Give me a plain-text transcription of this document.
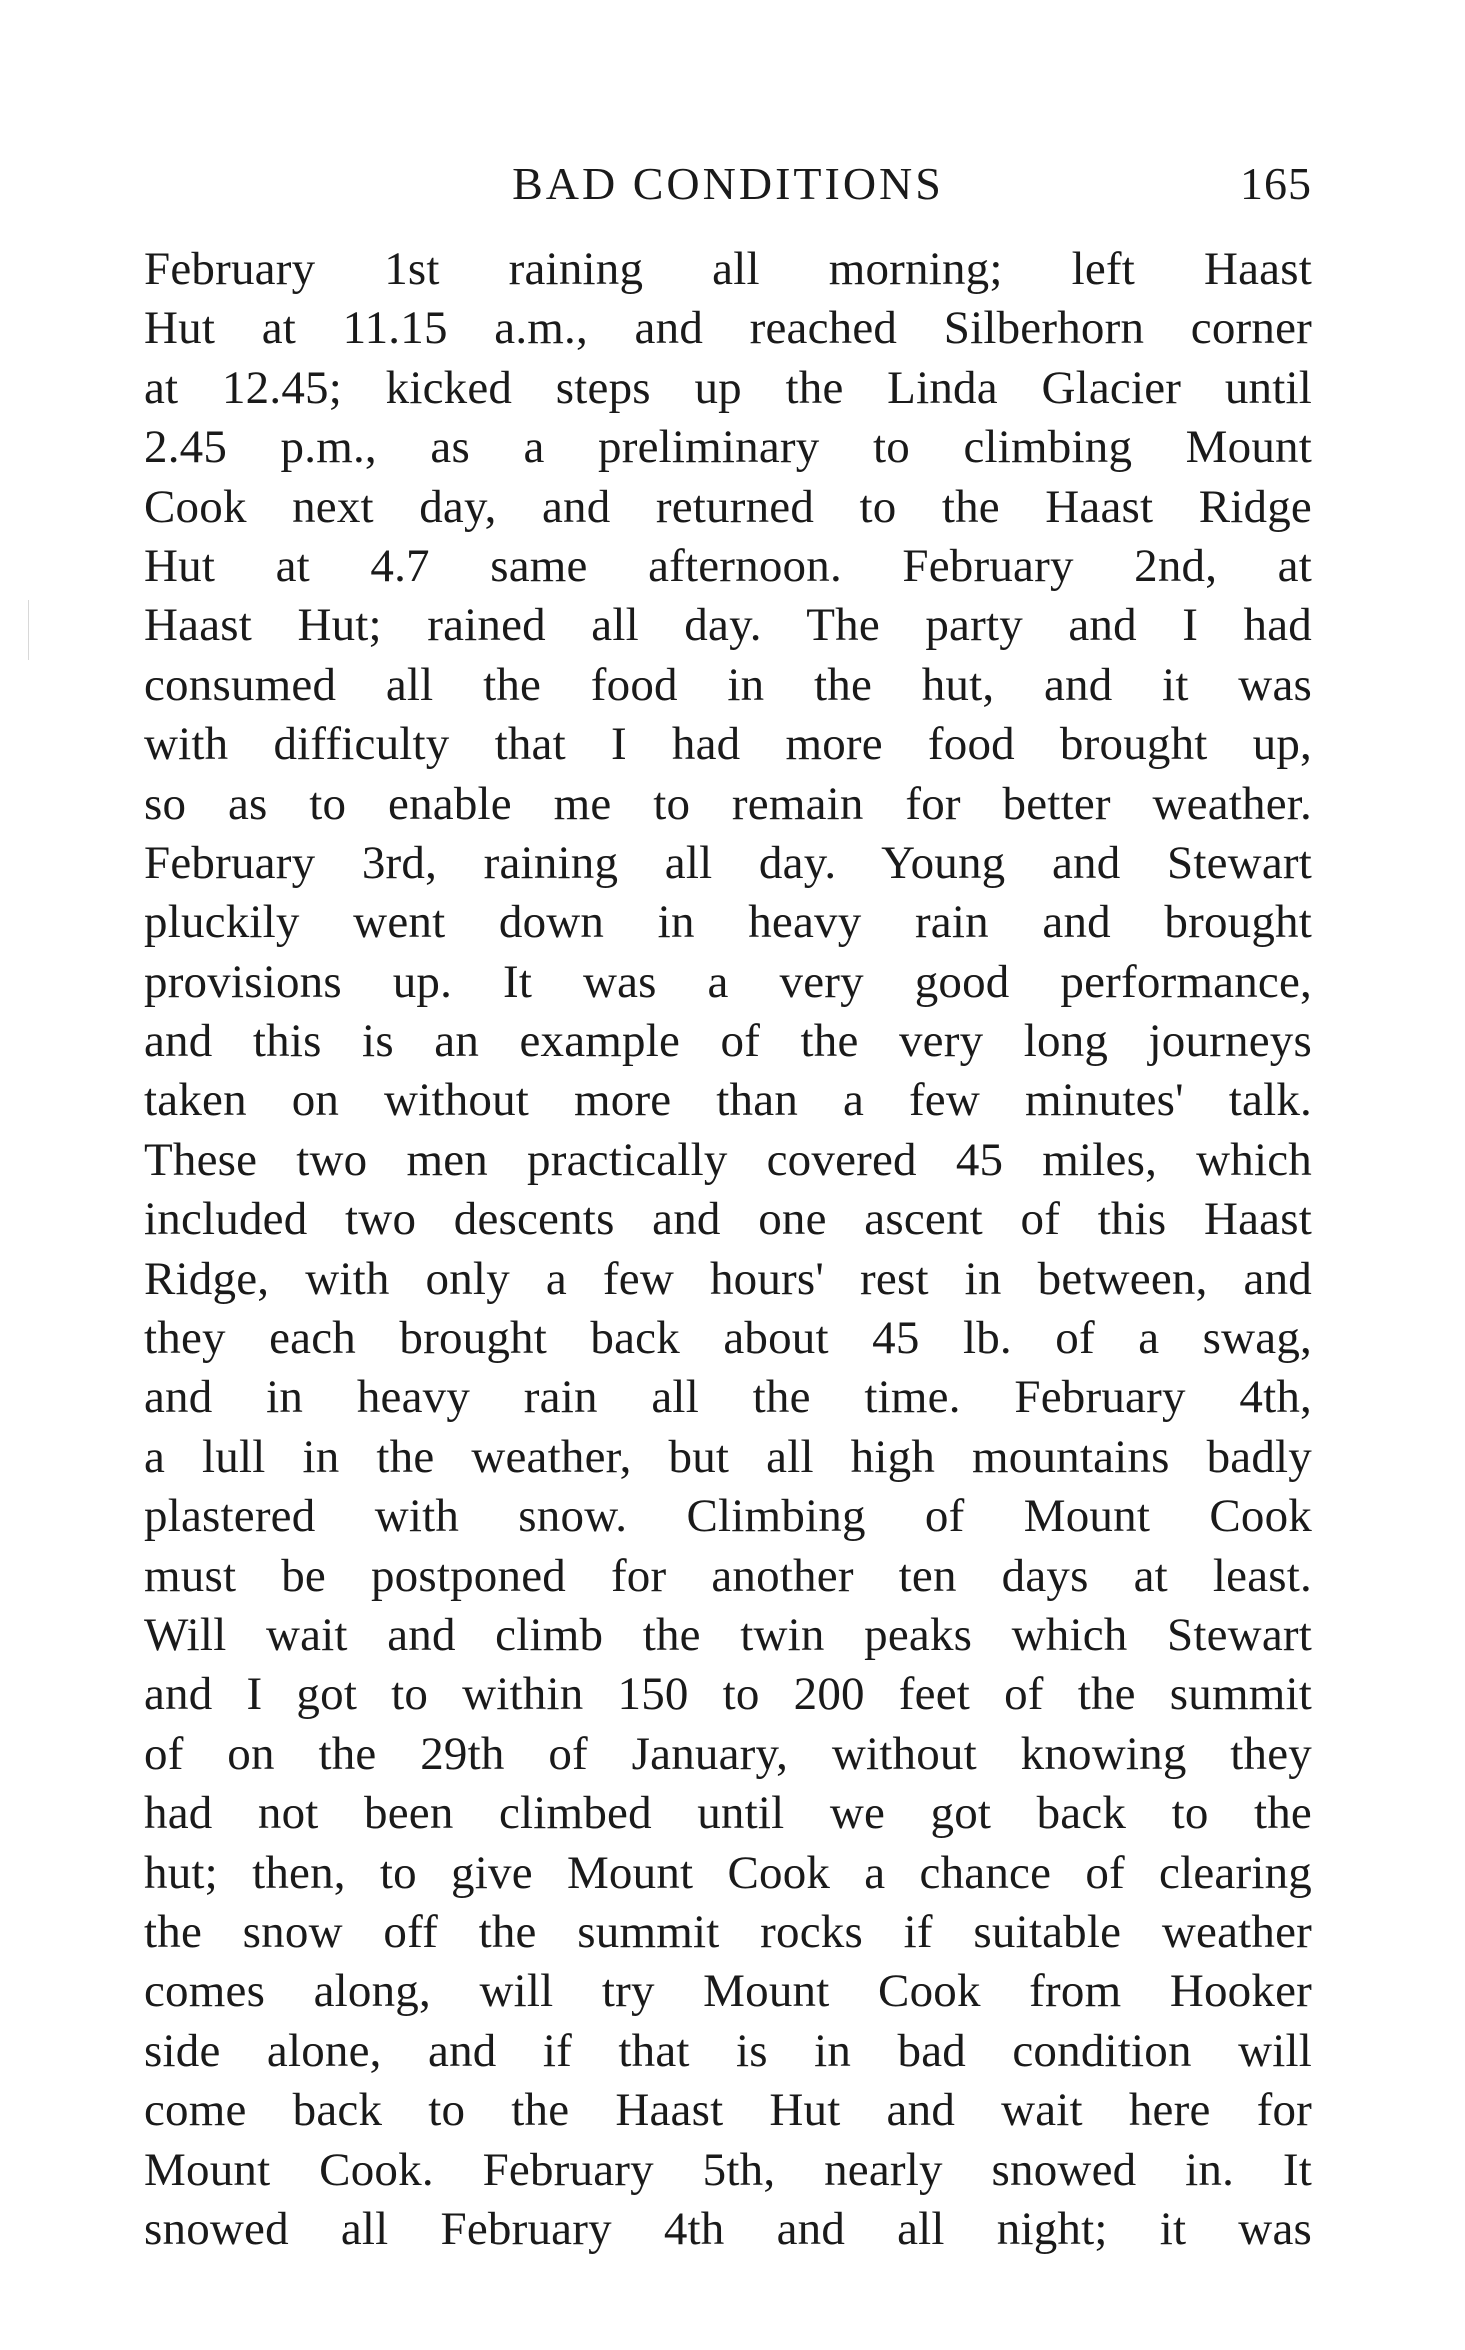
BAD CONDITIONS	165
February 1st raining all morning; left Haast
Hut at 11.15 a.m., and reached Silberhorn corner
at 12.45; kicked steps up the Linda Glacier until
2.45 p.m., as a preliminary to climbing Mount
Cook next day, and returned to the Haast Ridge
Hut at 4.7 same afternoon. February 2nd, at
Haast Hut; rained all day. The party and I had
consumed all the food in the hut, and it was
with difficulty that I had more food brought up,
so as to enable me to remain for better weather.
February 3rd, raining all day. Young and Stewart
pluckily went down in heavy rain and brought
provisions up. It was a very good performance,
and this is an example of the very long journeys
taken on without more than a few minutes' talk.
These two men practically covered 45 miles, which
included two descents and one ascent of this Haast
Ridge, with only a few hours' rest in between, and
they each brought back about 45 lb. of a swag,
and in heavy rain all the time. February 4th,
a lull in the weather, but all high mountains badly
plastered with snow. Climbing of Mount Cook
must be postponed for another ten days at least.
Will wait and climb the twin peaks which Stewart
and I got to within 150 to 200 feet of the summit
of on the 29th of January, without knowing they
had not been climbed until we got back to the
hut; then, to give Mount Cook a chance of clearing
the snow off the summit rocks if suitable weather
comes along, will try Mount Cook from Hooker
side alone, and if that is in bad condition will
come back to the Haast Hut and wait here for
Mount Cook. February 5th, nearly snowed in. It
snowed all February 4th and all night; it was
